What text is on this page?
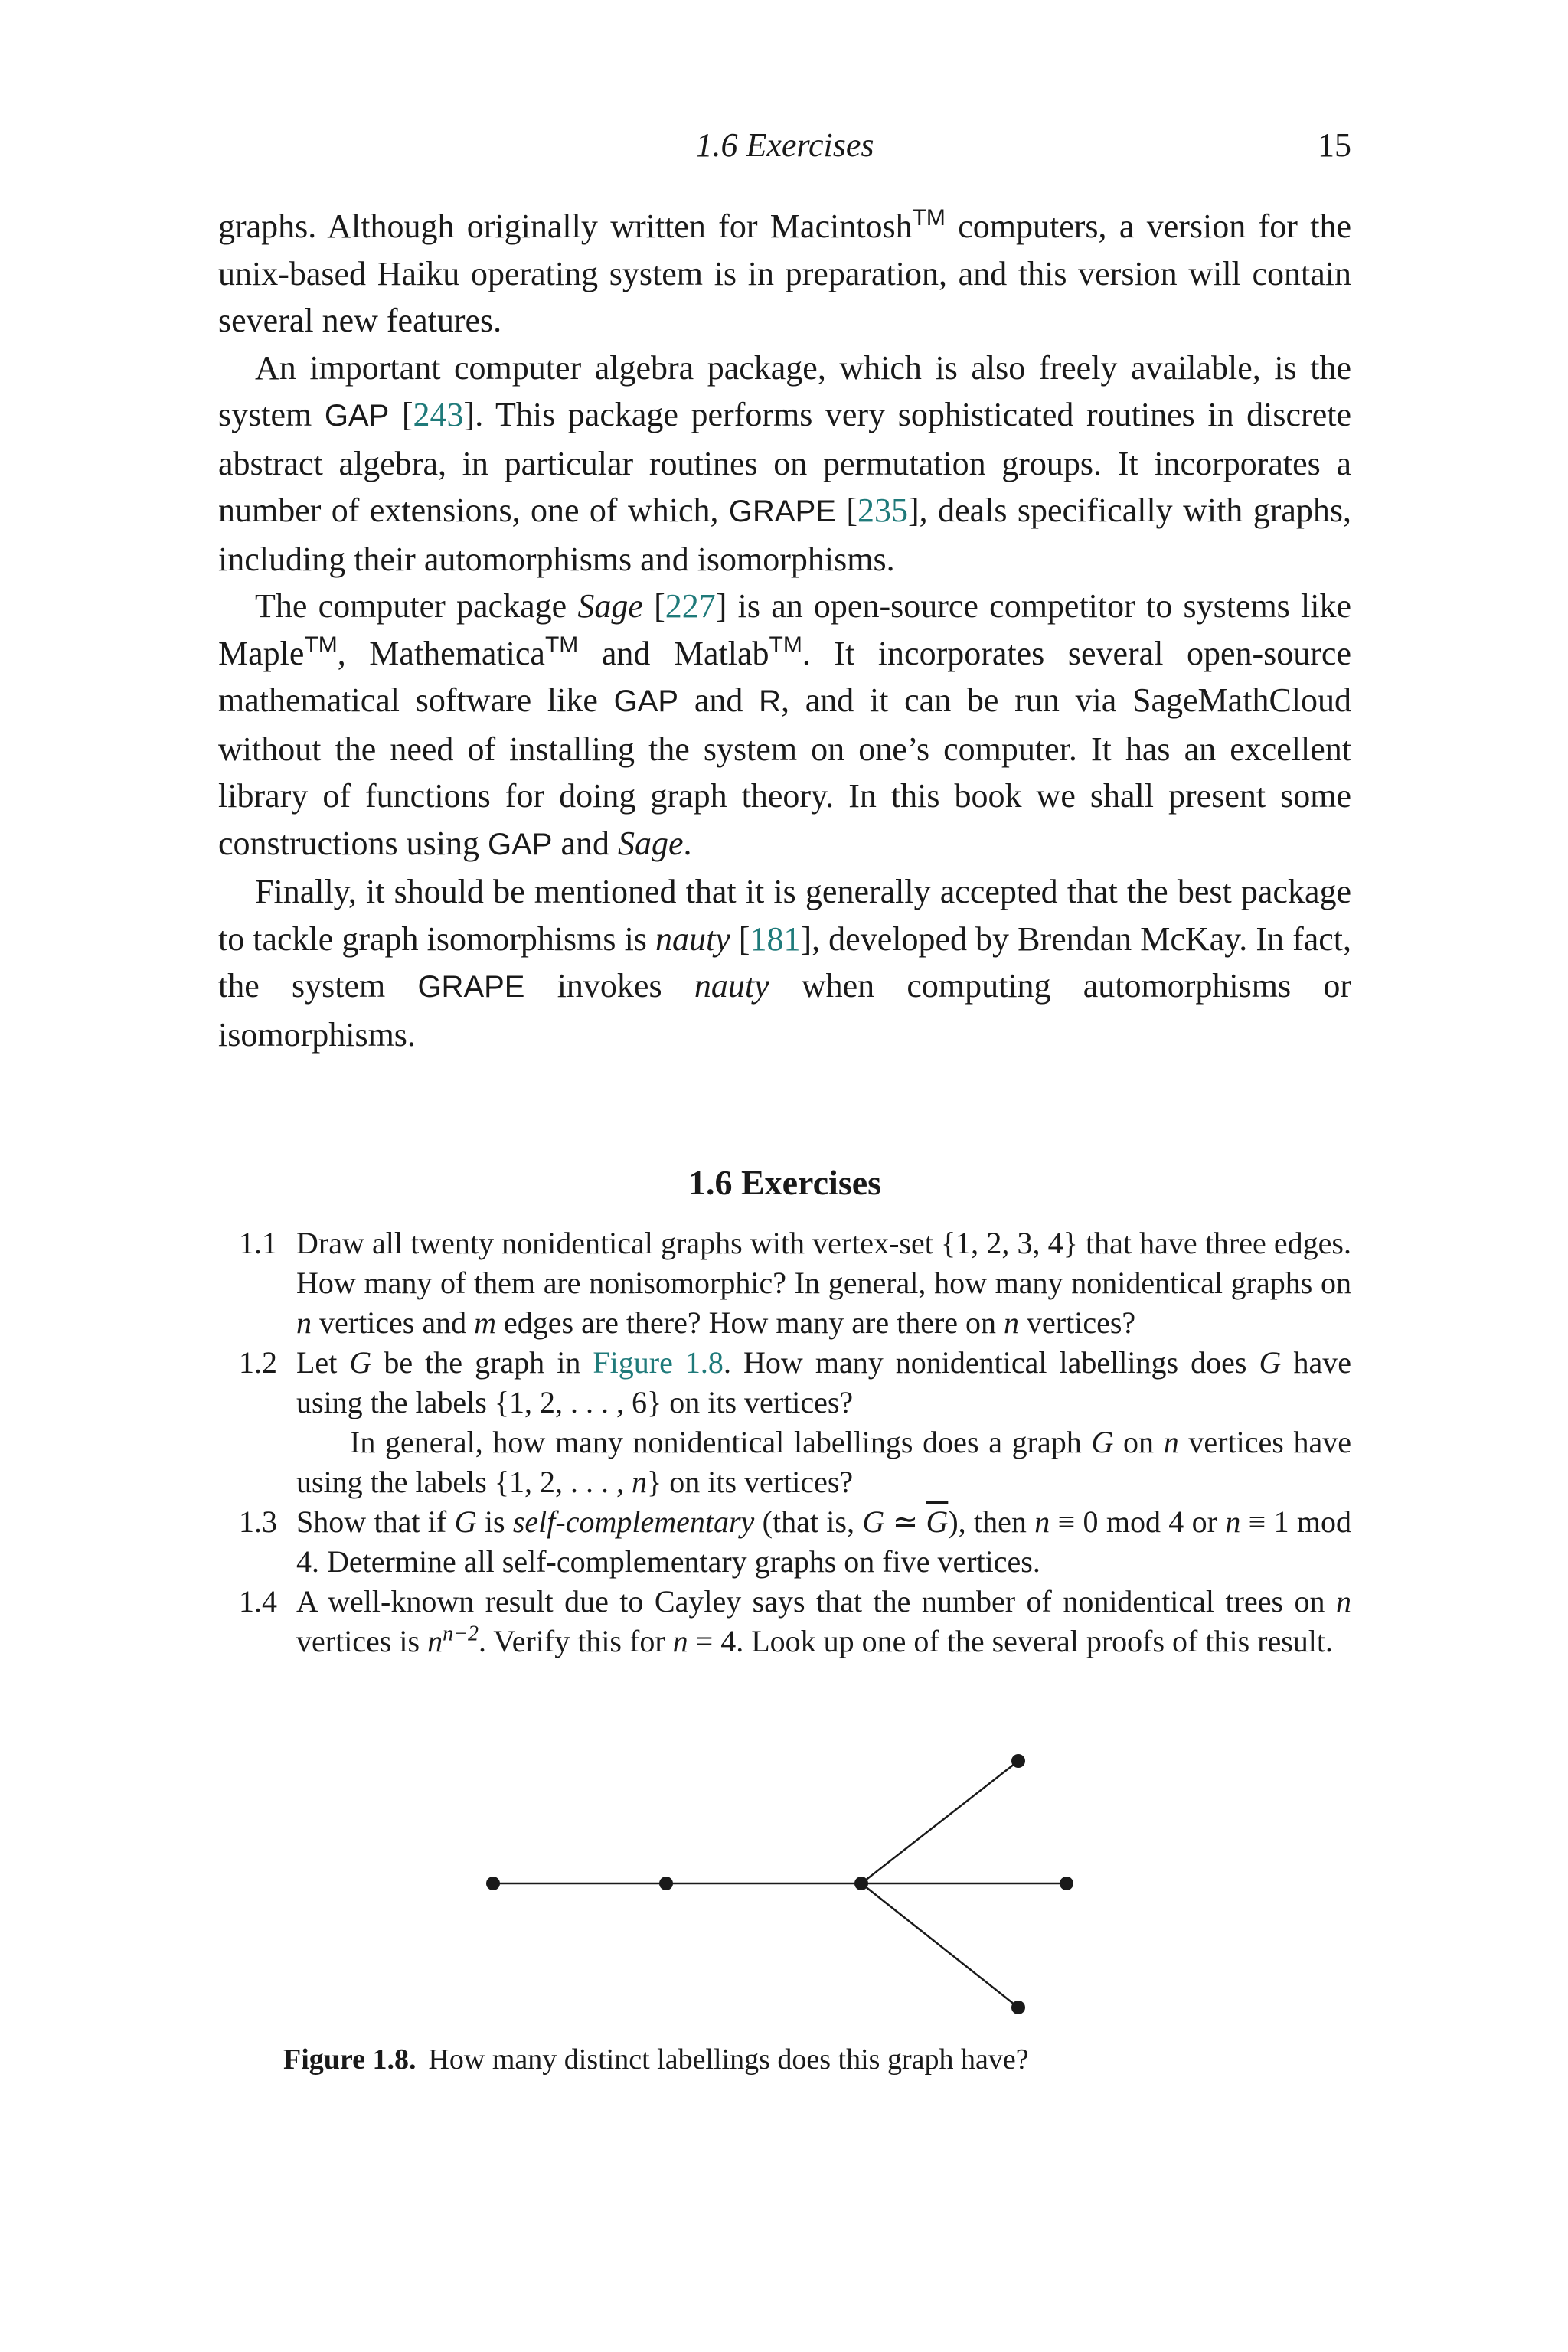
1.6 Exercises	15

graphs. Although originally written for Macintosh™ computers, a version for the unix-based Haiku operating system is in preparation, and this version will contain several new features.

An important computer algebra package, which is also freely available, is the system GAP [243]. This package performs very sophisticated routines in discrete abstract algebra, in particular routines on permutation groups. It incorporates a number of extensions, one of which, GRAPE [235], deals specifically with graphs, including their automorphisms and isomorphisms.

The computer package Sage [227] is an open-source competitor to systems like Maple™, Mathematica™ and Matlab™. It incorporates several open-source mathematical software like GAP and R, and it can be run via SageMathCloud without the need of installing the system on one’s computer. It has an excellent library of functions for doing graph theory. In this book we shall present some constructions using GAP and Sage.

Finally, it should be mentioned that it is generally accepted that the best package to tackle graph isomorphisms is nauty [181], developed by Brendan McKay. In fact, the system GRAPE invokes nauty when computing automorphisms or isomorphisms.

1.6 Exercises
1.1 Draw all twenty nonidentical graphs with vertex-set {1, 2, 3, 4} that have three edges. How many of them are nonisomorphic? In general, how many nonidentical graphs on n vertices and m edges are there? How many are there on n vertices?

1.2 Let G be the graph in Figure 1.8. How many nonidentical labellings does G have using the labels {1, 2, . . . , 6} on its vertices?

In general, how many nonidentical labellings does a graph G on n vertices have using the labels {1, 2, . . . , n} on its vertices?

1.3 Show that if G is self-complementary (that is, G ≃ $\overline{G}$), then n ≡ 0 mod 4 or n ≡ 1 mod 4. Determine all self-complementary graphs on five vertices.

1.4 A well-known result due to Cayley says that the number of nonidentical trees on n vertices is $n^{n-2}$. Verify this for n = 4. Look up one of the several proofs of this result.

Figure 1.8. How many distinct labellings does this graph have?
